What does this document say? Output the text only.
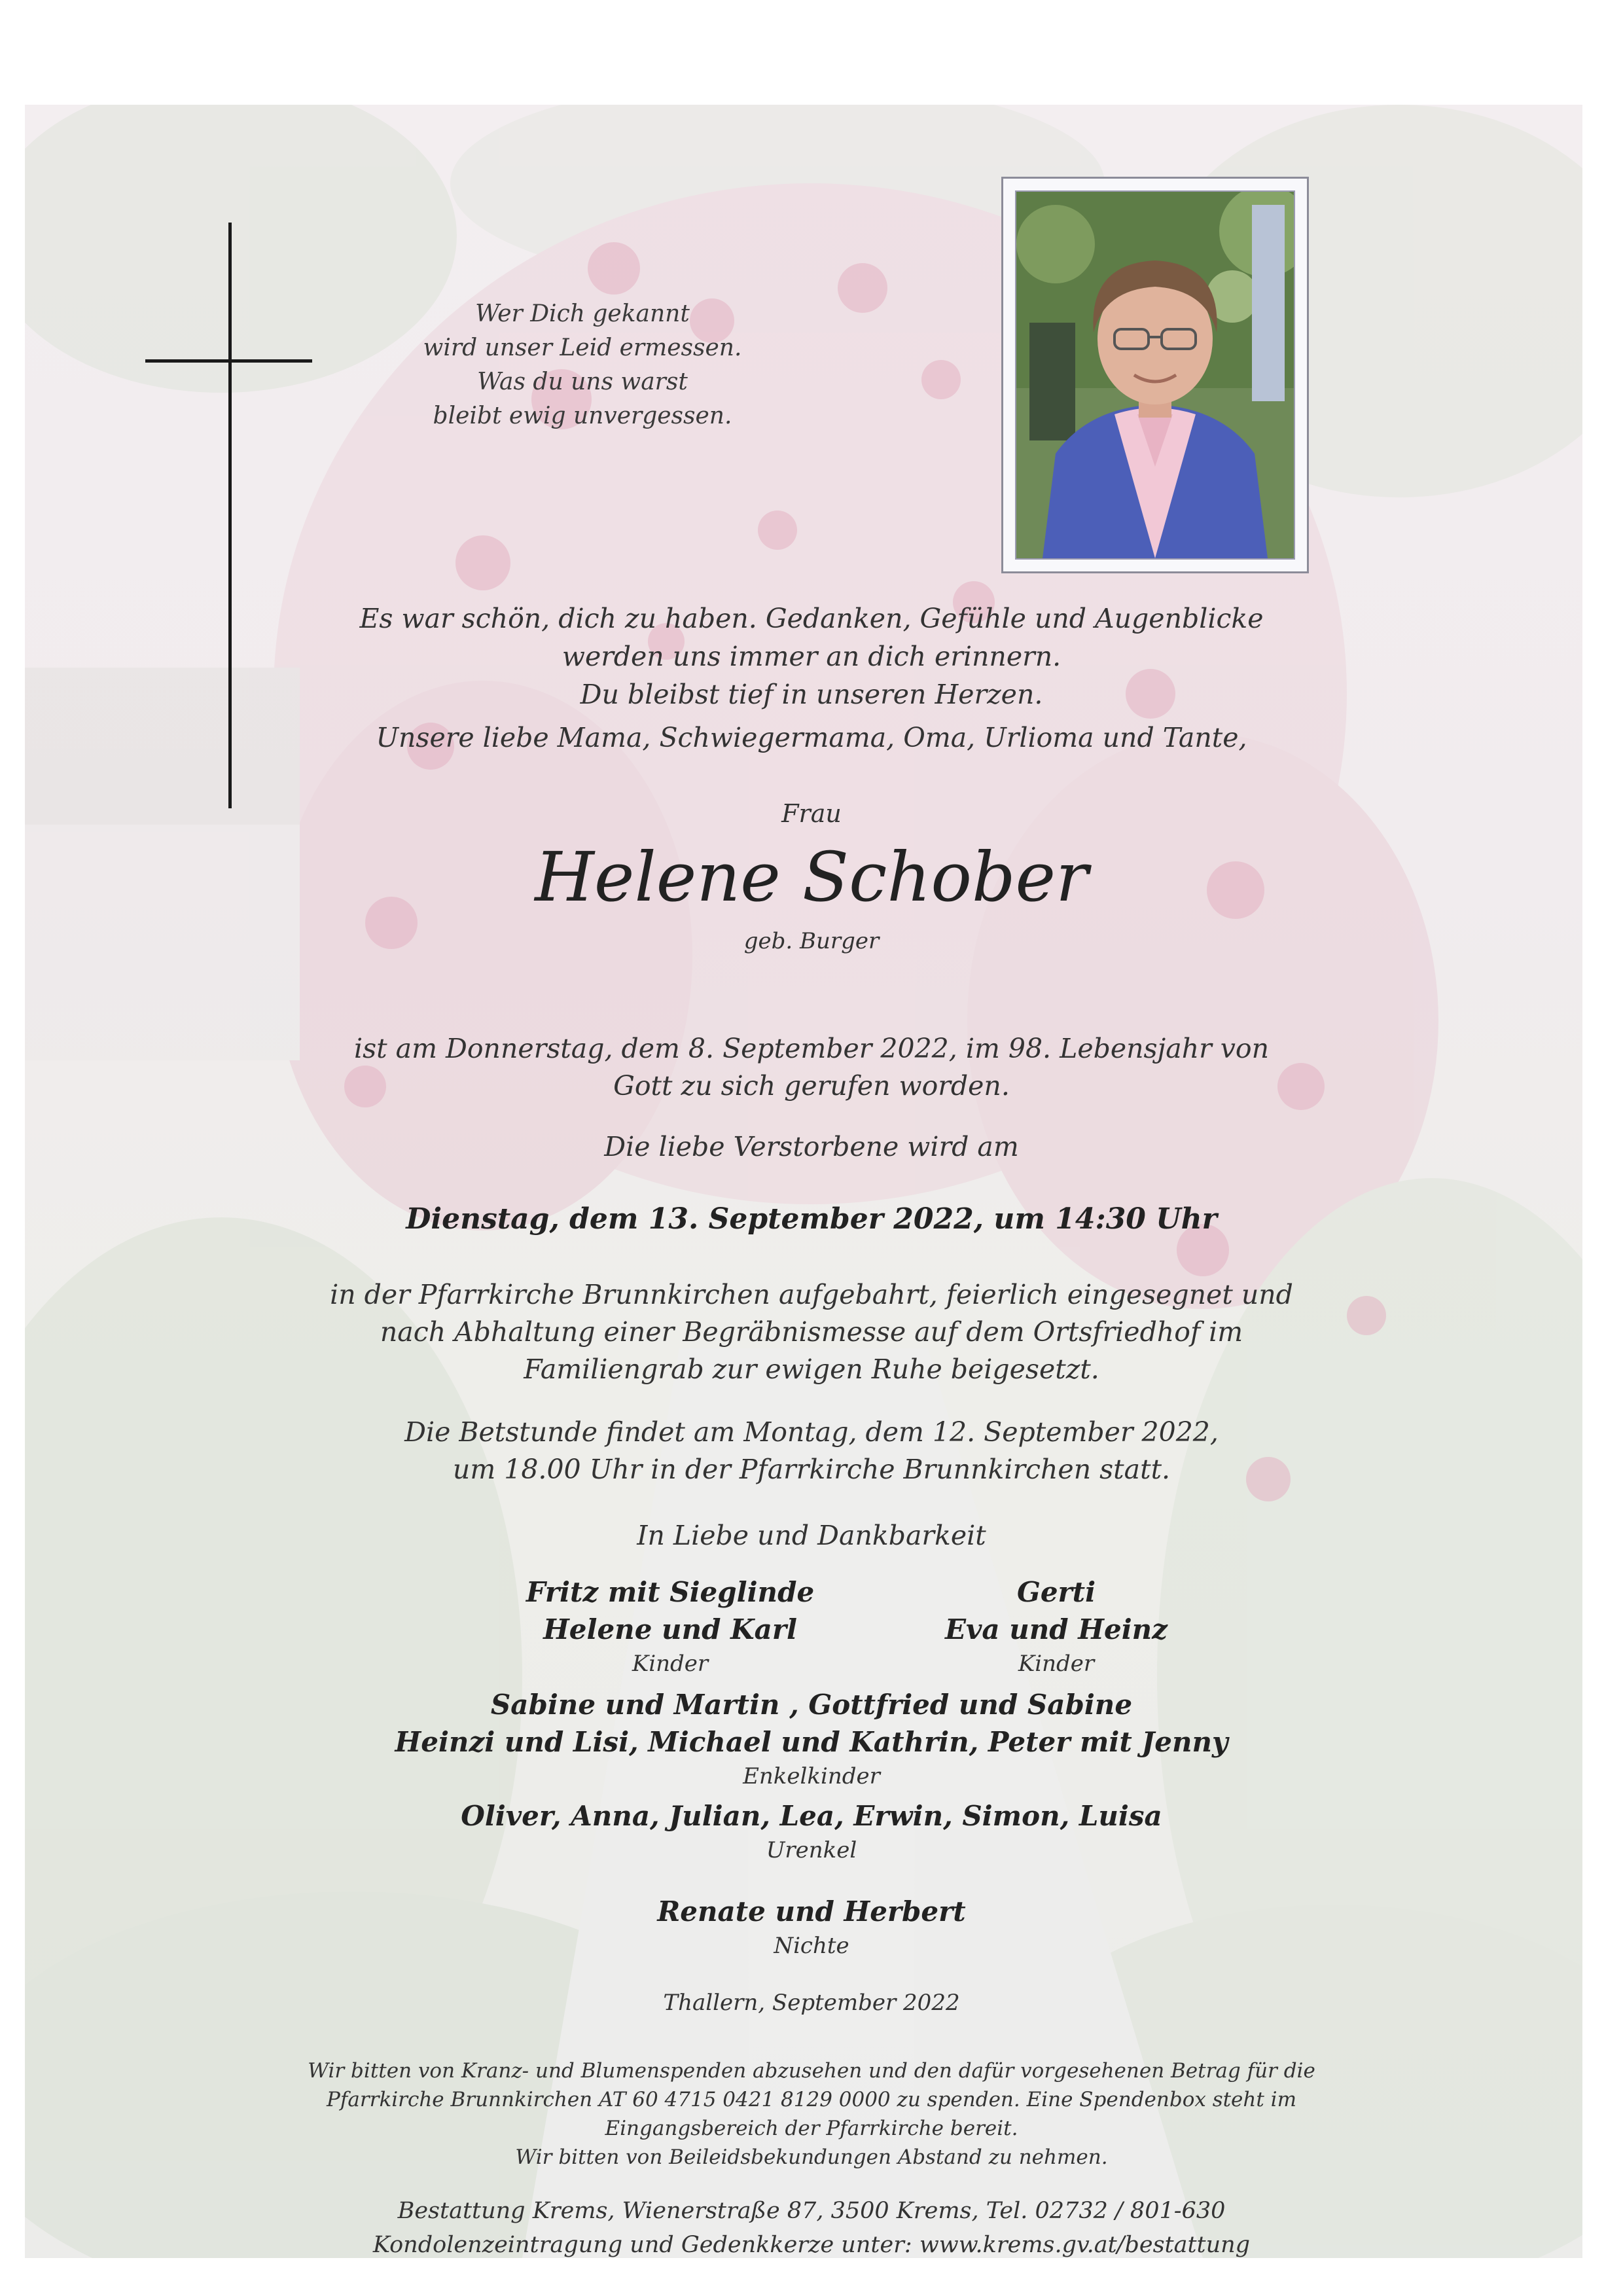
Wer Dich gekannt
wird unser Leid ermessen.
Was du uns warst
bleibt ewig unvergessen.
Es war schön, dich zu haben. Gedanken, Gefühle und Augenblicke
werden uns immer an dich erinnern.
Du bleibst tief in unseren Herzen.
Unsere liebe Mama, Schwiegermama, Oma, Urlioma und Tante,
Frau
Helene Schober
geb. Burger
ist am Donnerstag, dem 8. September 2022, im 98. Lebensjahr von
Gott zu sich gerufen worden.
Die liebe Verstorbene wird am
Dienstag, dem 13. September 2022, um 14:30 Uhr
in der Pfarrkirche Brunnkirchen aufgebahrt, feierlich eingesegnet und
nach Abhaltung einer Begräbnismesse auf dem Ortsfriedhof im
Familiengrab zur ewigen Ruhe beigesetzt.
Die Betstunde findet am Montag, dem 12. September 2022,
um 18.00 Uhr in der Pfarrkirche Brunnkirchen statt.
In Liebe und Dankbarkeit
Fritz mit Sieglinde
Helene und Karl
Kinder
Gerti
Eva und Heinz
Kinder
Sabine und Martin , Gottfried und Sabine
Heinzi und Lisi, Michael und Kathrin, Peter mit Jenny
Enkelkinder
Oliver, Anna, Julian, Lea, Erwin, Simon, Luisa
Urenkel
Renate und Herbert
Nichte
Thallern, September 2022
Wir bitten von Kranz- und Blumenspenden abzusehen und den dafür vorgesehenen Betrag für die
Pfarrkirche Brunnkirchen AT 60 4715 0421 8129 0000 zu spenden. Eine Spendenbox steht im
Eingangsbereich der Pfarrkirche bereit.
Wir bitten von Beileidsbekundungen Abstand zu nehmen.
Bestattung Krems, Wienerstraße 87, 3500 Krems, Tel. 02732 / 801-630
Kondolenzeintragung und Gedenkkerze unter: www.krems.gv.at/bestattung
